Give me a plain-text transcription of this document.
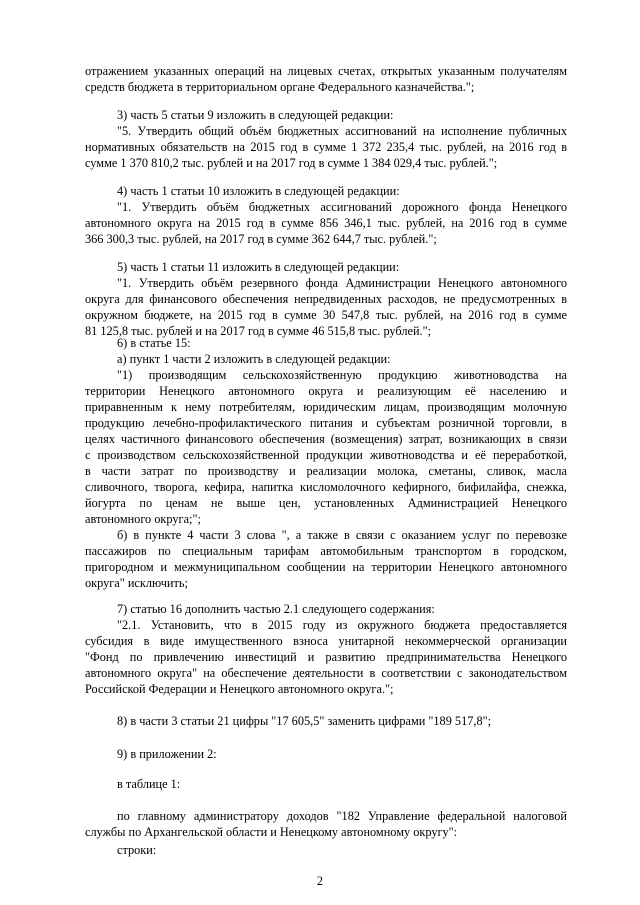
отражением указанных операций на лицевых счетах, открытых указанным получателям
средств бюджета в территориальном органе Федерального казначейства.";
3) часть 5 статьи 9 изложить в следующей редакции:
"5. Утвердить общий объём бюджетных ассигнований на исполнение публичных
нормативных обязательств на 2015 год в сумме 1 372 235,4 тыс. рублей, на 2016 год в
сумме 1 370 810,2 тыс. рублей и на 2017 год в сумме 1 384 029,4 тыс. рублей.";
4) часть 1 статьи 10 изложить в следующей редакции:
"1. Утвердить объём бюджетных ассигнований дорожного фонда Ненецкого
автономного округа на 2015 год в сумме 856 346,1 тыс. рублей, на 2016 год в сумме
366 300,3 тыс. рублей, на 2017 год в сумме 362 644,7 тыс. рублей.";
5) часть 1 статьи 11 изложить в следующей редакции:
"1. Утвердить объём резервного фонда Администрации Ненецкого автономного
округа для финансового обеспечения непредвиденных расходов, не предусмотренных в
окружном бюджете, на 2015 год в сумме 30 547,8 тыс. рублей, на 2016 год в сумме
81 125,8 тыс. рублей и на 2017 год в сумме 46 515,8 тыс. рублей.";
6) в статье 15:
а) пункт 1 части 2 изложить в следующей редакции:
"1) производящим сельскохозяйственную продукцию животноводства на
территории Ненецкого автономного округа и реализующим её населению и
приравненным к нему потребителям, юридическим лицам, производящим молочную
продукцию лечебно-профилактического питания и субъектам розничной торговли, в
целях частичного финансового обеспечения (возмещения) затрат, возникающих в связи
с производством сельскохозяйственной продукции животноводства и её переработкой,
в части затрат по производству и реализации молока, сметаны, сливок, масла
сливочного, творога, кефира, напитка кисломолочного кефирного, бифилайфа, снежка,
йогурта по ценам не выше цен, установленных Администрацией Ненецкого
автономного округа;";
б) в пункте 4 части 3 слова ", а также в связи с оказанием услуг по перевозке
пассажиров по специальным тарифам автомобильным транспортом в городском,
пригородном и межмуниципальном сообщении на территории Ненецкого автономного
округа" исключить;
7) статью 16 дополнить частью 2.1 следующего содержания:
"2.1. Установить, что в 2015 году из окружного бюджета предоставляется
субсидия в виде имущественного взноса унитарной некоммерческой организации
"Фонд по привлечению инвестиций и развитию предпринимательства Ненецкого
автономного округа" на обеспечение деятельности в соответствии с законодательством
Российской Федерации и Ненецкого автономного округа.";
8) в части 3 статьи 21 цифры "17 605,5" заменить цифрами "189 517,8";
9) в приложении 2:
в таблице 1:
по главному администратору доходов "182 Управление федеральной налоговой
службы по Архангельской области и Ненецкому автономному округу":
строки:
2
